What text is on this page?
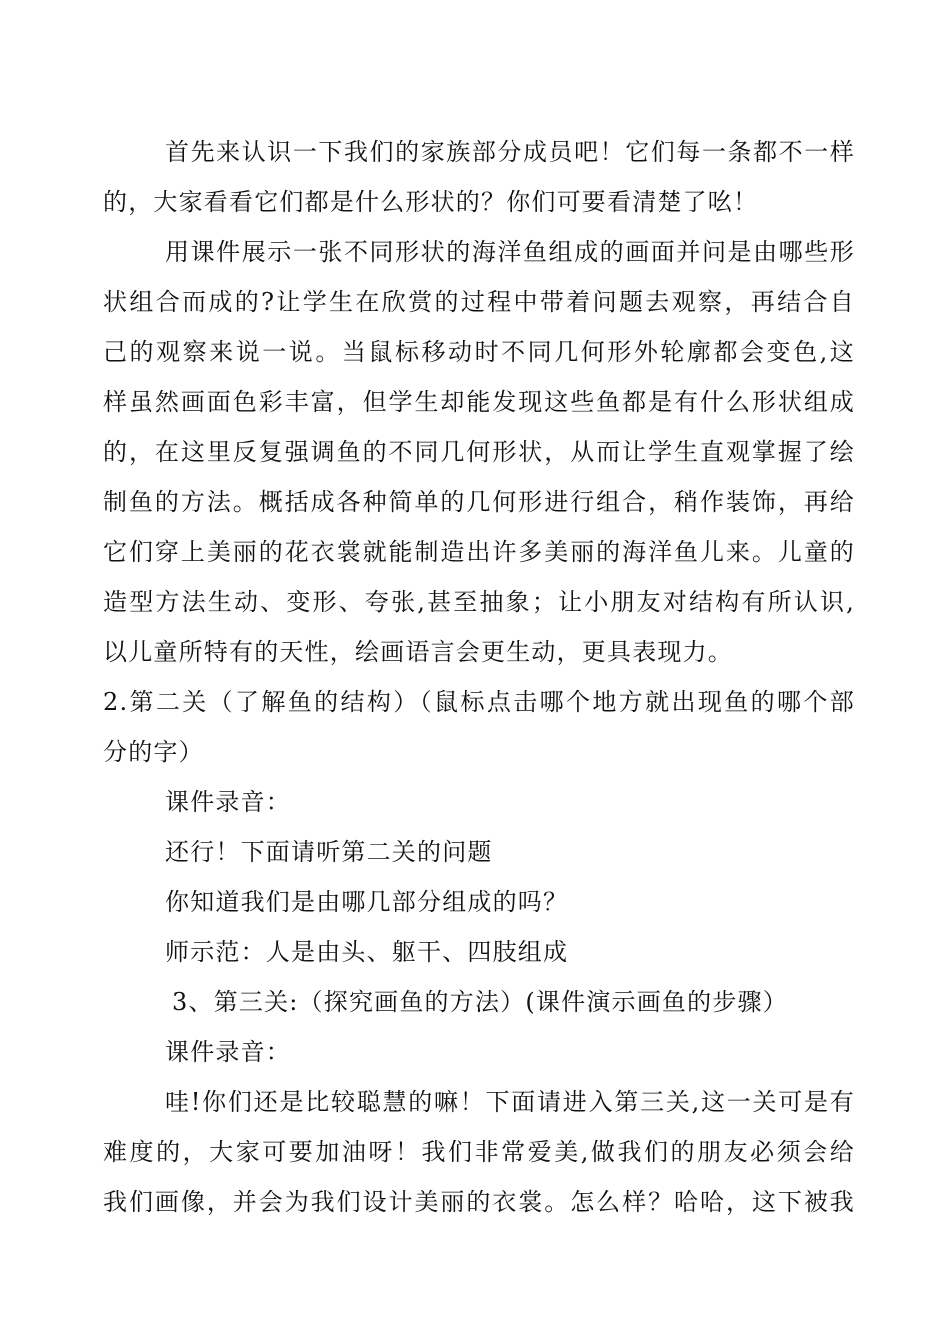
首先来认识一下我们的家族部分成员吧！它们每一条都不一样
的，大家看看它们都是什么形状的？你们可要看清楚了吆！
用课件展示一张不同形状的海洋鱼组成的画面并问是由哪些形
状组合而成的?让学生在欣赏的过程中带着问题去观察，再结合自
己的观察来说一说。当鼠标移动时不同几何形外轮廓都会变色,这
样虽然画面色彩丰富，但学生却能发现这些鱼都是有什么形状组成
的，在这里反复强调鱼的不同几何形状，从而让学生直观掌握了绘
制鱼的方法。概括成各种简单的几何形进行组合，稍作装饰，再给
它们穿上美丽的花衣裳就能制造出许多美丽的海洋鱼儿来。儿童的
造型方法生动、变形、夸张,甚至抽象；让小朋友对结构有所认识,
以儿童所特有的天性，绘画语言会更生动，更具表现力。
2.第二关（了解鱼的结构）（鼠标点击哪个地方就出现鱼的哪个部
分的字）
课件录音：
还行！下面请听第二关的问题
你知道我们是由哪几部分组成的吗？
师示范：人是由头、躯干、四肢组成
3、第三关:（探究画鱼的方法）(课件演示画鱼的步骤）
课件录音：
哇!你们还是比较聪慧的嘛！下面请进入第三关,这一关可是有
难度的，大家可要加油呀！我们非常爱美,做我们的朋友必须会给
我们画像，并会为我们设计美丽的衣裳。怎么样？哈哈，这下被我
